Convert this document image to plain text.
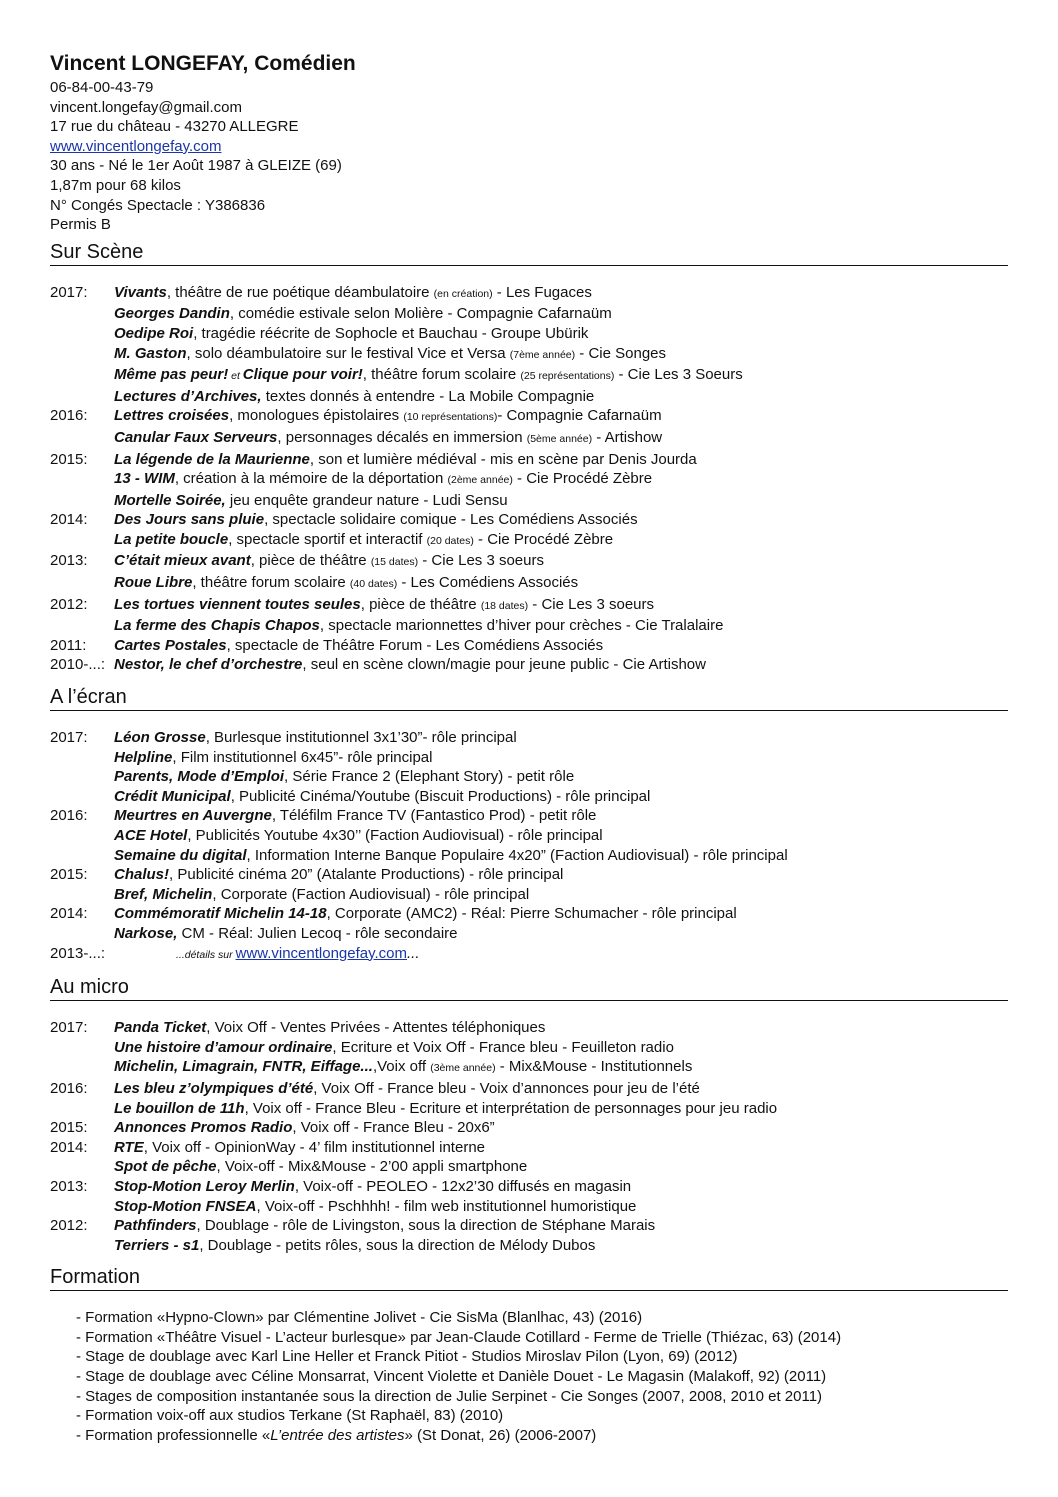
Vincent LONGEFAY, Comédien
06-84-00-43-79
vincent.longefay@gmail.com
17 rue du château - 43270 ALLEGRE
www.vincentlongefay.com
30 ans - Né le 1er Août 1987 à GLEIZE (69)
1,87m pour 68 kilos
N° Congés Spectacle : Y386836
Permis B
Sur Scène
2017:	Vivants, théâtre de rue poétique déambulatoire (en création) - Les Fugaces
Georges Dandin, comédie estivale selon Molière - Compagnie Cafarnaüm
Oedipe Roi, tragédie réécrite de Sophocle et Bauchau - Groupe Ubürik
M. Gaston, solo déambulatoire sur le festival Vice et Versa (7ème année) - Cie Songes
Même pas peur! et Clique pour voir!, théâtre forum scolaire (25 représentations) - Cie Les 3 Soeurs
Lectures d’Archives, textes donnés à entendre - La Mobile Compagnie
2016:	Lettres croisées, monologues épistolaires (10 représentations)- Compagnie Cafarnaüm
Canular Faux Serveurs, personnages décalés en immersion (5ème année) - Artishow
2015:	La légende de la Maurienne, son et lumière médiéval - mis en scène par Denis Jourda
13 - WIM, création à la mémoire de la déportation (2ème année) - Cie Procédé Zèbre
Mortelle Soirée, jeu enquête grandeur nature - Ludi Sensu
2014:	Des Jours sans pluie, spectacle solidaire comique - Les Comédiens Associés
La petite boucle, spectacle sportif et interactif (20 dates) - Cie Procédé Zèbre
2013:	C’était mieux avant, pièce de théâtre (15 dates) - Cie Les 3 soeurs
Roue Libre, théâtre forum scolaire (40 dates) - Les Comédiens Associés
2012:	Les tortues viennent toutes seules, pièce de théâtre (18 dates) - Cie Les 3 soeurs
La ferme des Chapis Chapos, spectacle marionnettes d’hiver pour crèches - Cie Tralalaire
2011:	Cartes Postales, spectacle de Théâtre Forum - Les Comédiens Associés
2010-...: Nestor, le chef d’orchestre, seul en scène clown/magie pour jeune public - Cie Artishow
A l’écran
2017:	Léon Grosse, Burlesque institutionnel 3x1’30”- rôle principal
Helpline, Film institutionnel 6x45”- rôle principal
Parents, Mode d’Emploi, Série France 2 (Elephant Story) - petit rôle
Crédit Municipal, Publicité Cinéma/Youtube (Biscuit Productions) - rôle principal
2016:	Meurtres en Auvergne, Téléfilm France TV (Fantastico Prod) - petit rôle
ACE Hotel, Publicités Youtube 4x30’’ (Faction Audiovisual) - rôle principal
Semaine du digital, Information Interne Banque Populaire 4x20” (Faction Audiovisual) - rôle principal
2015:	Chalus!, Publicité cinéma 20” (Atalante Productions) - rôle principal
Bref, Michelin, Corporate (Faction Audiovisual) - rôle principal
2014:	Commémoratif Michelin 14-18, Corporate (AMC2) - Réal: Pierre Schumacher - rôle principal
Narkose, CM - Réal: Julien Lecoq - rôle secondaire
2013-...:	...détails sur www.vincentlongefay.com...
Au micro
2017:	Panda Ticket, Voix Off - Ventes Privées - Attentes téléphoniques
Une histoire d’amour ordinaire, Ecriture et Voix Off - France bleu - Feuilleton radio
Michelin, Limagrain, FNTR, Eiffage...,Voix off (3ème année) - Mix&Mouse - Institutionnels
2016:	Les bleu z’olympiques d’été, Voix Off - France bleu - Voix d’annonces pour jeu de l’été
Le bouillon de 11h, Voix off - France Bleu - Ecriture et interprétation de personnages pour jeu radio
2015:	Annonces Promos Radio, Voix off - France Bleu - 20x6”
2014:	RTE, Voix off - OpinionWay - 4’ film institutionnel interne
Spot de pêche, Voix-off - Mix&Mouse - 2’00 appli smartphone
2013:	Stop-Motion Leroy Merlin, Voix-off - PEOLEO - 12x2’30 diffusés en magasin
Stop-Motion FNSEA, Voix-off - Pschhhh! - film web institutionnel humoristique
2012:	Pathfinders, Doublage - rôle de Livingston, sous la direction de Stéphane Marais
Terriers - s1, Doublage - petits rôles, sous la direction de Mélody Dubos
Formation
- Formation «Hypno-Clown» par Clémentine Jolivet - Cie SisMa (Blanlhac, 43) (2016)
- Formation «Théâtre Visuel - L’acteur burlesque» par Jean-Claude Cotillard - Ferme de Trielle (Thiézac, 63) (2014)
- Stage de doublage avec Karl Line Heller et Franck Pitiot - Studios Miroslav Pilon (Lyon, 69) (2012)
- Stage de doublage avec Céline Monsarrat, Vincent Violette et Danièle Douet - Le Magasin (Malakoff, 92) (2011)
- Stages de composition instantanée sous la direction de Julie Serpinet - Cie Songes (2007, 2008, 2010 et 2011)
- Formation voix-off aux studios Terkane (St Raphaël, 83) (2010)
- Formation professionnelle « L’entrée des artistes » (St Donat, 26) (2006-2007)
